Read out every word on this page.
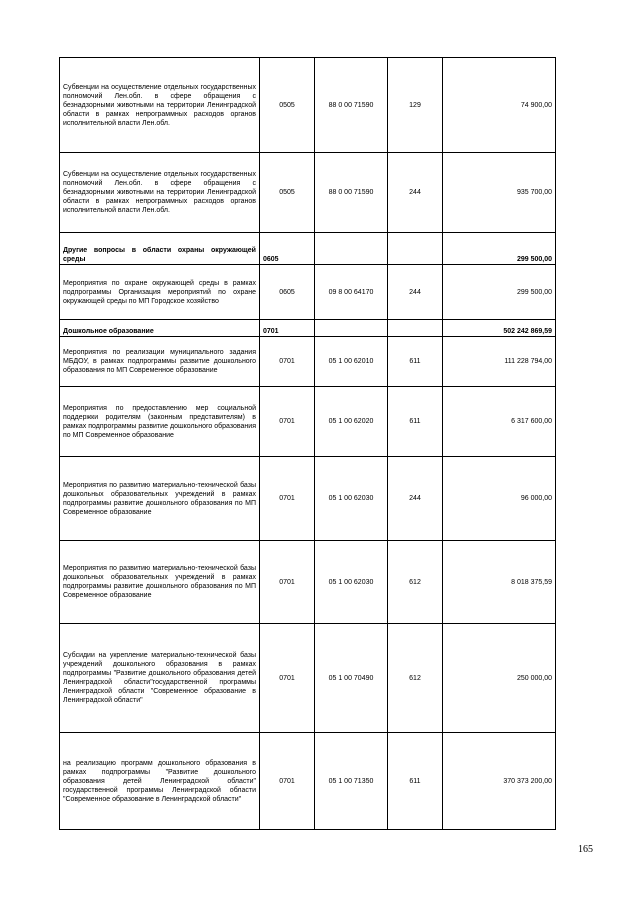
Субвенции на осуществление отдельных государственных полномочий Лен.обл. в сфере обращения с безнадзорными животными на территории Ленинградской области в рамках непрограммных расходов органов исполнительной власти Лен.обл.	0505	88 0 00 71590	129	74 900,00
Субвенции на осуществление отдельных государственных полномочий Лен.обл. в сфере обращения с безнадзорными животными на территории Ленинградской области в рамках непрограммных расходов органов исполнительной власти Лен.обл.	0505	88 0 00 71590	244	935 700,00
Другие вопросы в области охраны окружающей среды	0605			299 500,00
Мероприятия по охране окружающей среды в рамках подпрограммы Организация мероприятий по охране окружающей среды по МП Городское хозяйство	0605	09 8 00 64170	244	299 500,00
Дошкольное образование	0701			502 242 869,59
Мероприятия по реализации муниципального задания МБДОУ, в рамках подпрограммы развитие дошкольного образования по МП Современное образование	0701	05 1 00 62010	611	111 228 794,00
Мероприятия по предоставлению мер социальной поддержки родителям (законным представителям) в рамках подпрограммы развитие дошкольного образования по МП Современное образование	0701	05 1 00 62020	611	6 317 600,00
Мероприятия по развитию материально-технической базы дошкольных образовательных учреждений в рамках подпрограммы развитие дошкольного образования по МП Современное образование	0701	05 1 00 62030	244	96 000,00
Мероприятия по развитию материально-технической базы дошкольных образовательных учреждений в рамках подпрограммы развитие дошкольного образования по МП Современное образование	0701	05 1 00 62030	612	8 018 375,59
Субсидии на укрепление материально-технической базы учреждений дошкольного образования в рамках подпрограммы "Развитие дошкольного образования детей Ленинградской области"государственной программы Ленинградской области "Современное образование в Ленинградской области"	0701	05 1 00 70490	612	250 000,00
на реализацию программ дошкольного образования в рамках подпрограммы "Развитие дошкольного образования детей Ленинградской области" государственной программы Ленинградской области "Современное образование в Ленинградской области"	0701	05 1 00 71350	611	370 373 200,00
165
